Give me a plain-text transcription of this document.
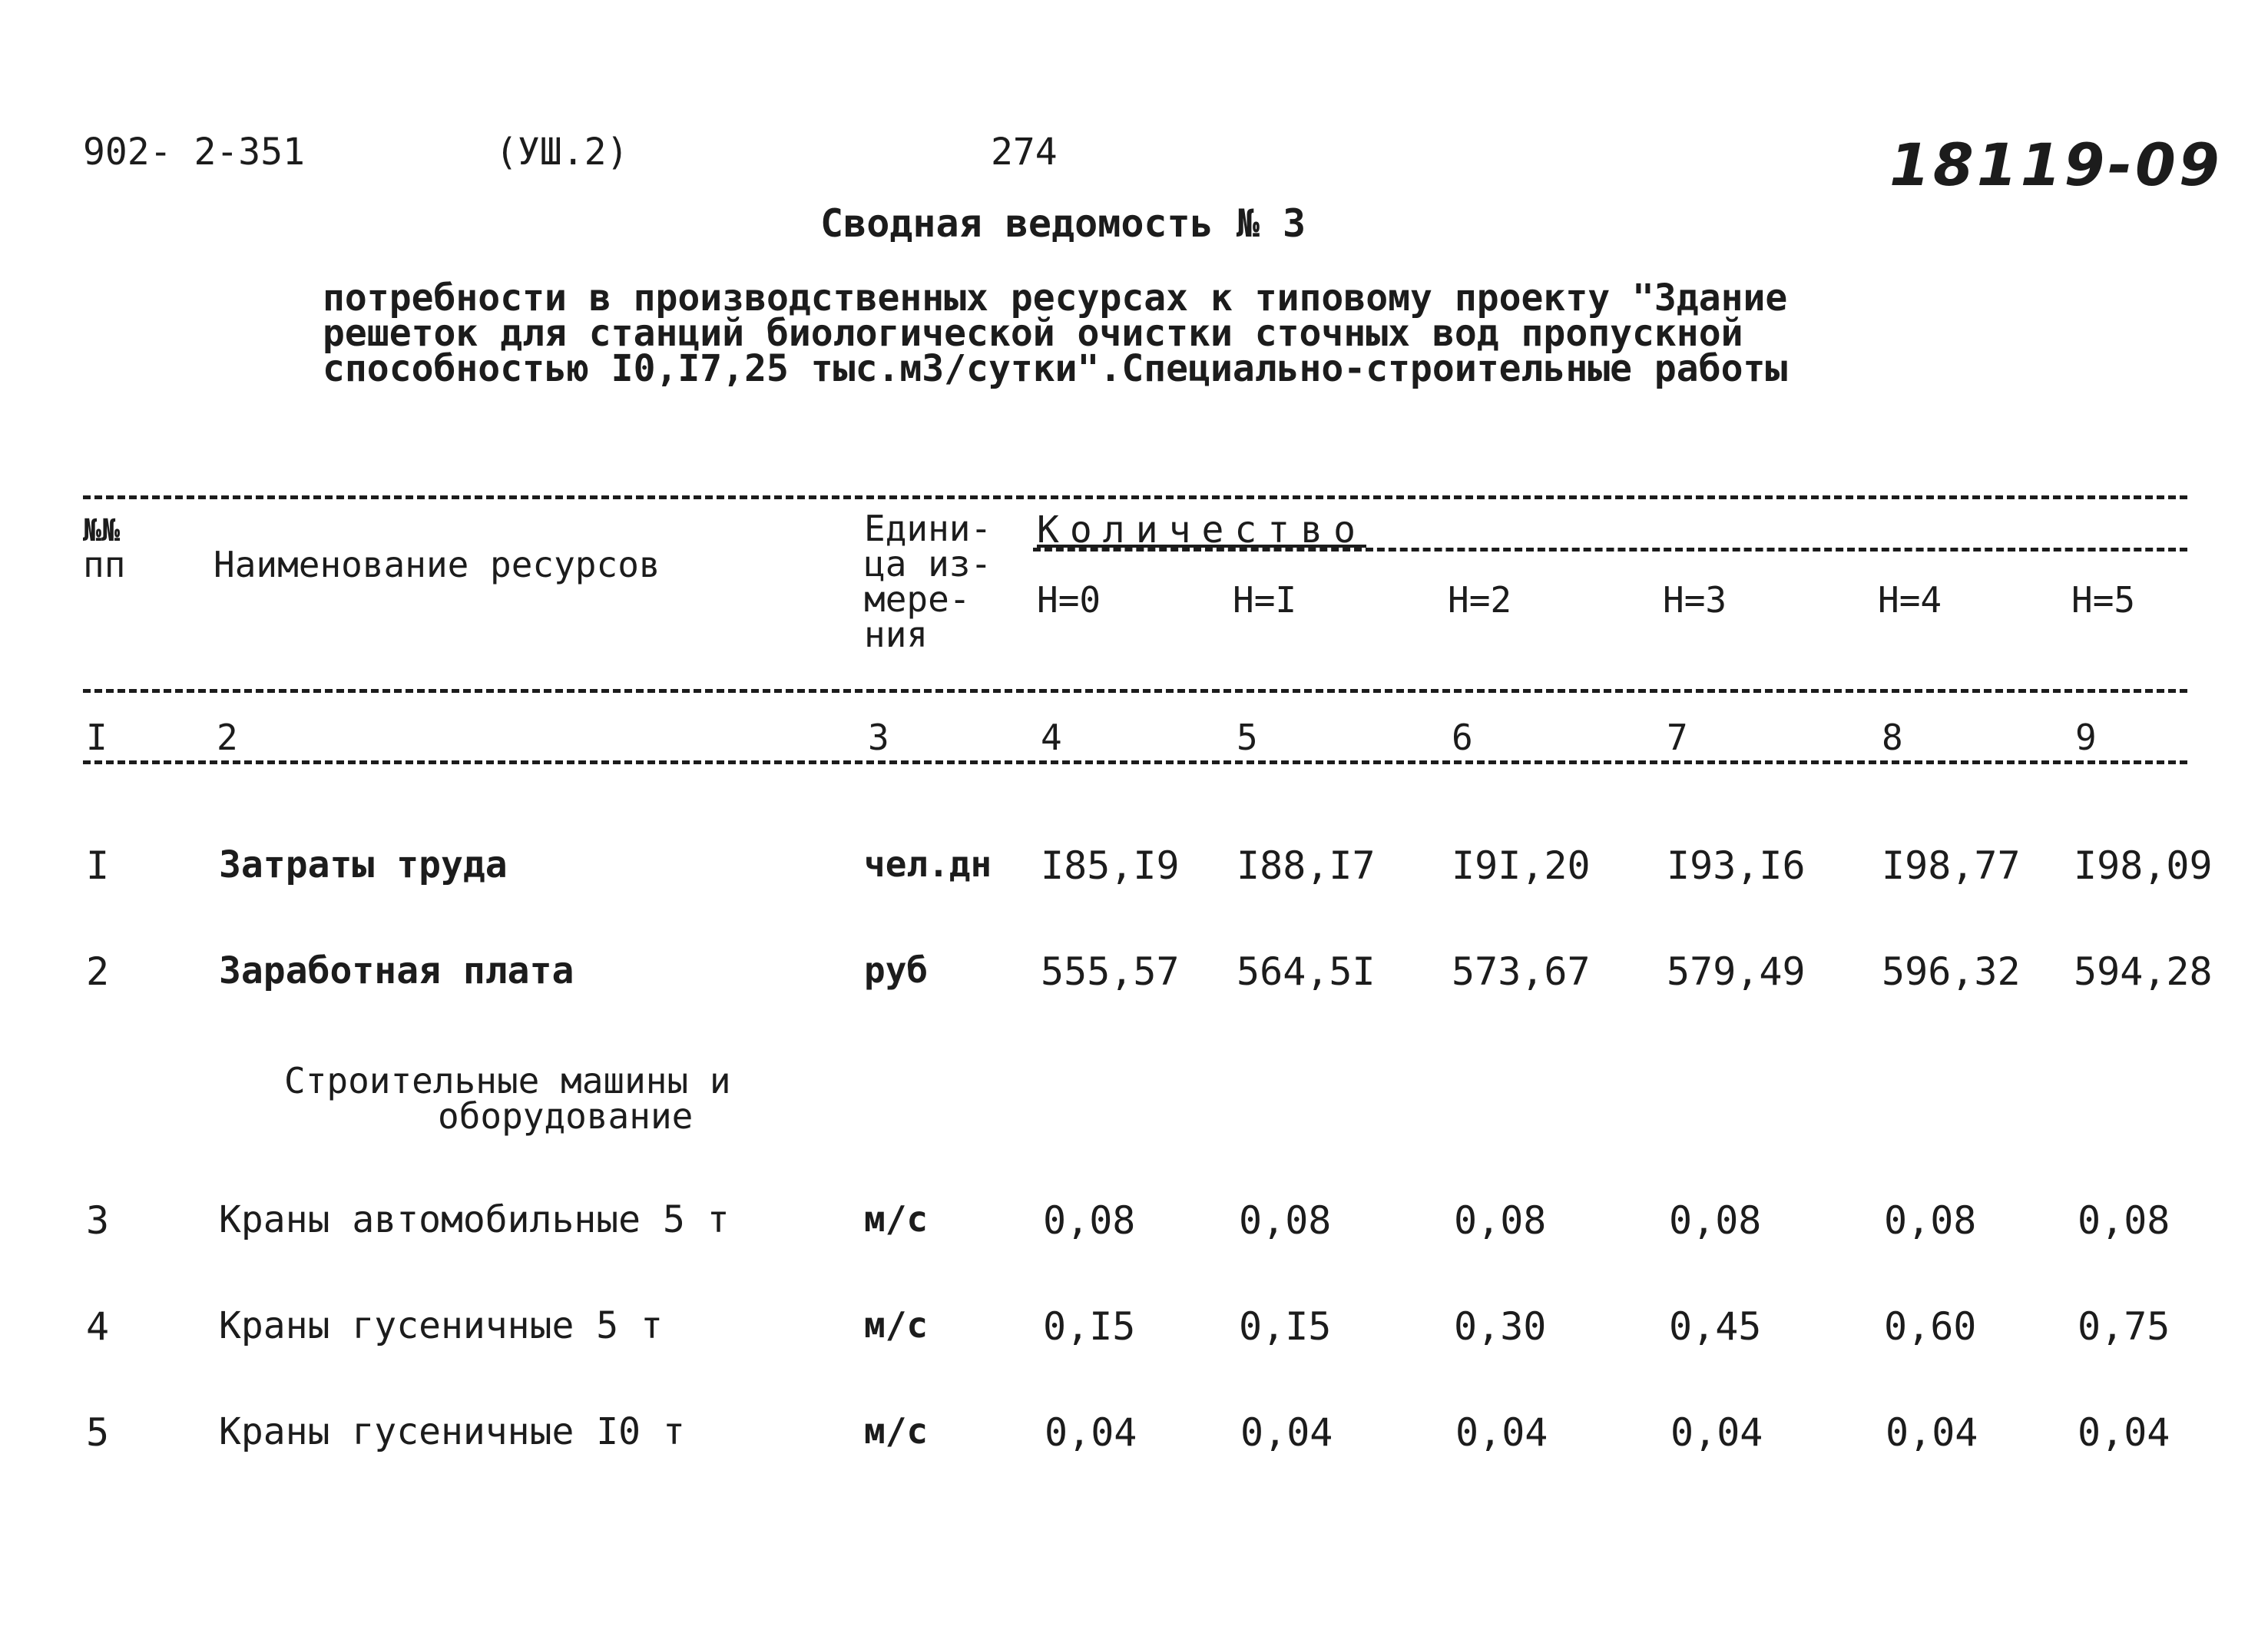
902- 2-351	(УШ.2)	274	18119-09
Сводная ведомость № 3
потребности в производственных ресурсах к типовому проекту "Здание
решеток для станций биологической очистки сточных вод пропускной
способностью I0,I7,25 тыс.м3/сутки".Специально-строительные работы
№№
пп Наименование ресурсов
Едини-
ца из-
мере-
ния
Количество
Н=0	Н=I	Н=2	Н=3	Н=4	Н=5
I	2	3	4	5	6	7	8	9
I	Затраты труда	чел.дн I85,I9 I88,I7 I9I,20 I93,I6 I98,77 I98,09
2	Заработная плата	руб	555,57 564,5I 573,67 579,49 596,32 594,28
Строительные машины и
оборудование
3	Краны автомобильные 5 т	м/с	0,08	0,08	0,08	0,08	0,08	0,08
4	Краны гусеничные 5 т	м/с	0,I5	0,I5	0,30	0,45	0,60	0,75
5	Краны гусеничные I0 т	м/с	0,04	0,04	0,04	0,04	0,04	0,04
